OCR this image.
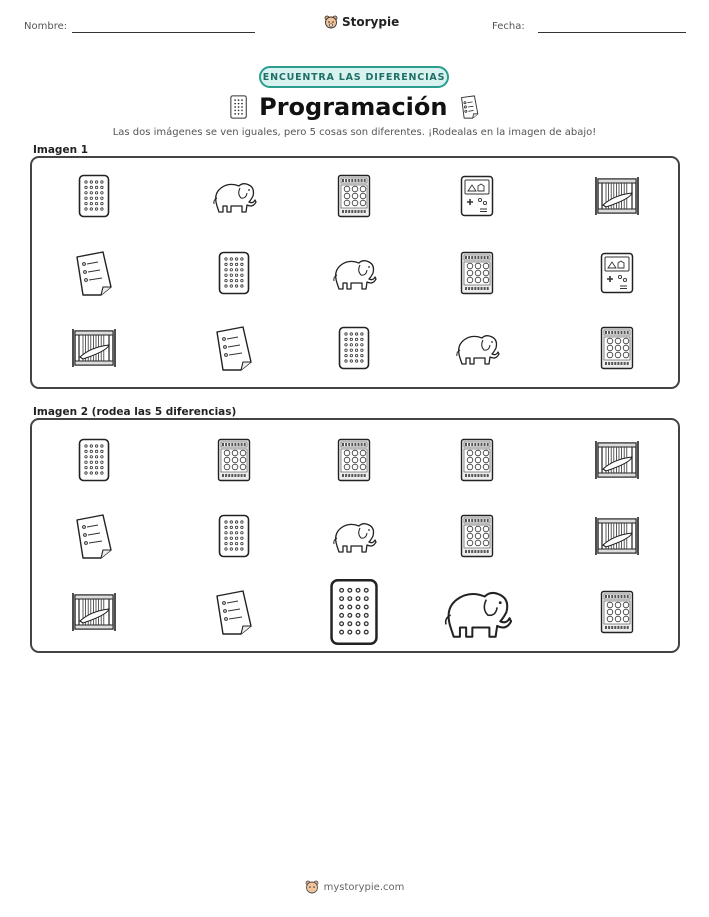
Nombre:	Storypie	Fecha:
ENCUENTRA LAS DIFERENCIAS
Programación
Las dos imágenes se ven iguales, pero 5 cosas son diferentes. ¡Rodealas en la imagen de abajo!
Imagen 1
Imagen 2 (rodea las 5 diferencias)
mystorypie.com
